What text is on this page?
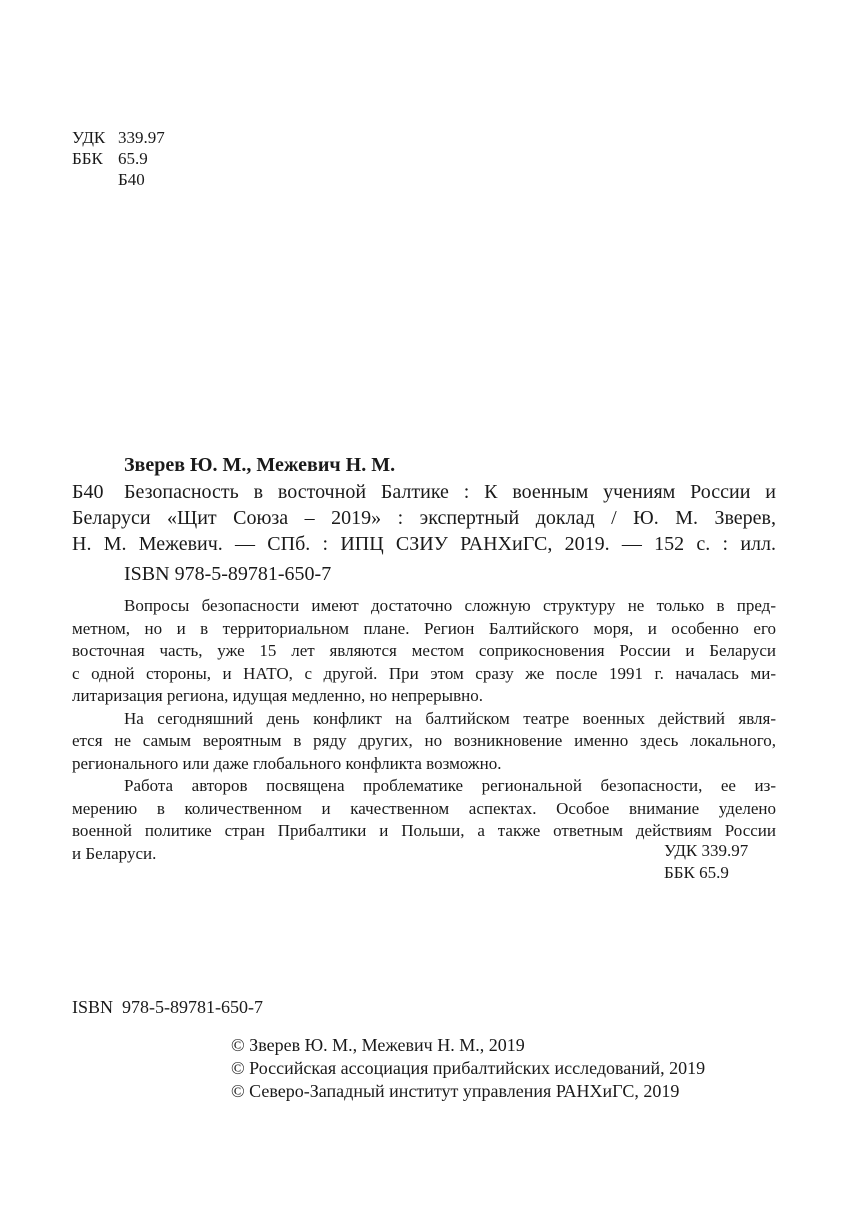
УДК 339.97
ББК 65.9
Б40
Зверев Ю. М., Межевич Н. М.
Б40	Безопасность в восточной Балтике : К военным учениям России и
Беларуси «Щит Союза – 2019» : экспертный доклад / Ю. М. Зверев,
Н. М. Межевич. — СПб. : ИПЦ СЗИУ РАНХиГС, 2019. — 152 с. : илл.
ISBN 978-5-89781-650-7
Вопросы безопасности имеют достаточно сложную структуру не только в пред-
метном, но и в территориальном плане. Регион Балтийского моря, и особенно его
восточная часть, уже 15 лет являются местом соприкосновения России и Беларуси
с одной стороны, и НАТО, с другой. При этом сразу же после 1991 г. началась ми-
литаризация региона, идущая медленно, но непрерывно.
На сегодняшний день конфликт на балтийском театре военных действий явля-
ется не самым вероятным в ряду других, но возникновение именно здесь локального,
регионального или даже глобального конфликта возможно.
Работа авторов посвящена проблематике региональной безопасности, ее из-
мерению в количественном и качественном аспектах. Особое внимание уделено
военной политике стран Прибалтики и Польши, а также ответным действиям России
и Беларуси.	УДК 339.97
ББК 65.9
ISBN  978-5-89781-650-7
© Зверев Ю. М., Межевич Н. М., 2019
© Российская ассоциация прибалтийских исследований, 2019
© Северо-Западный институт управления РАНХиГС, 2019
